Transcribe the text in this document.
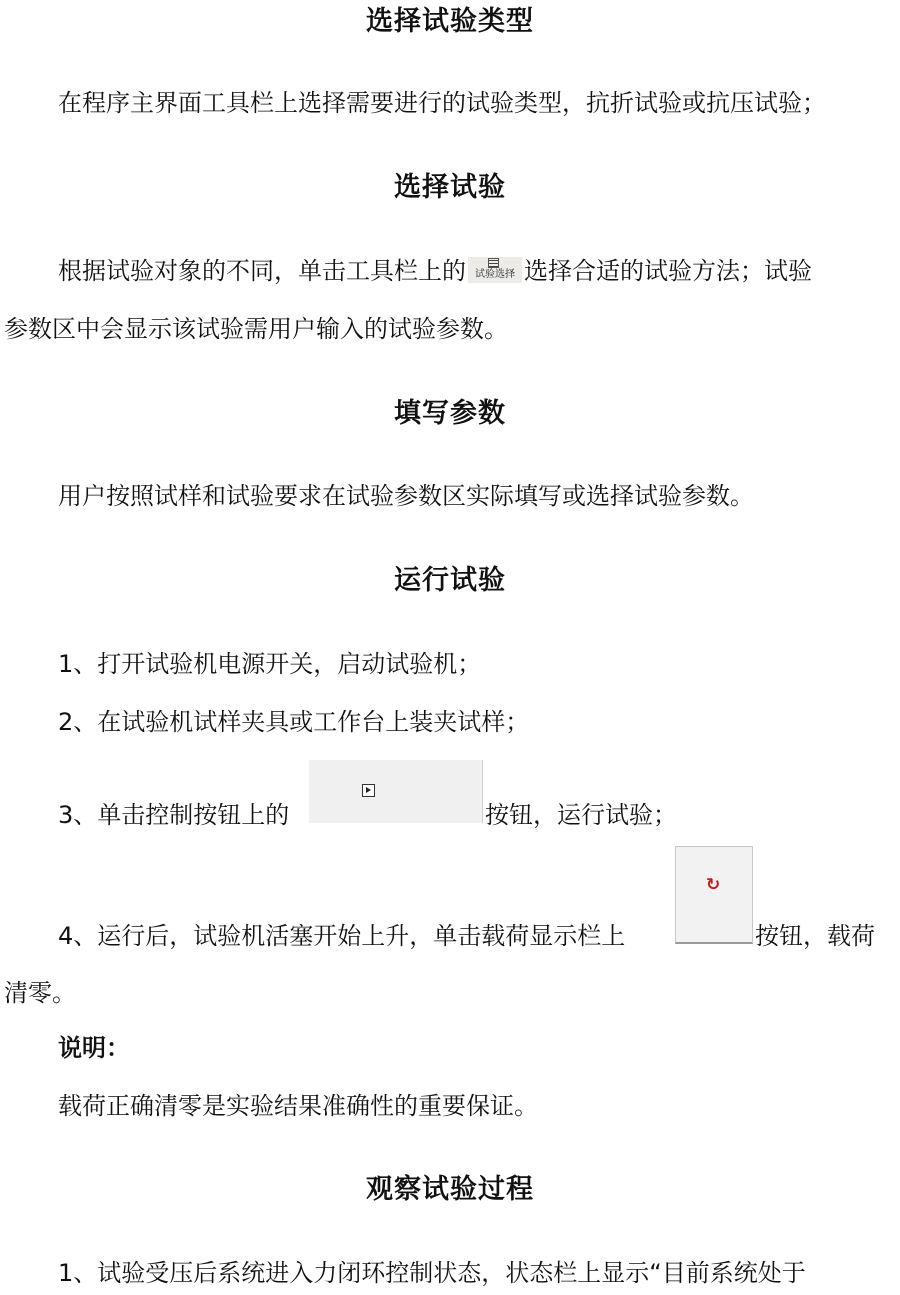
选择试验类型
在程序主界面工具栏上选择需要进行的试验类型，抗折试验或抗压试验；
选择试验
根据试验对象的不同，单击工具栏上的 试验选择 选择合适的试验方法；试验
参数区中会显示该试验需用户输入的试验参数。
填写参数
用户按照试样和试验要求在试验参数区实际填写或选择试验参数。
运行试验
1、打开试验机电源开关，启动试验机；
2、在试验机试样夹具或工作台上装夹试样；
3、单击控制按钮上的	按钮，运行试验；
4、运行后，试验机活塞开始上升，单击载荷显示栏上
↻
按钮，载荷
清零。
说明：
载荷正确清零是实验结果准确性的重要保证。
观察试验过程
1、试验受压后系统进入力闭环控制状态，状态栏上显示“目前系统处于
